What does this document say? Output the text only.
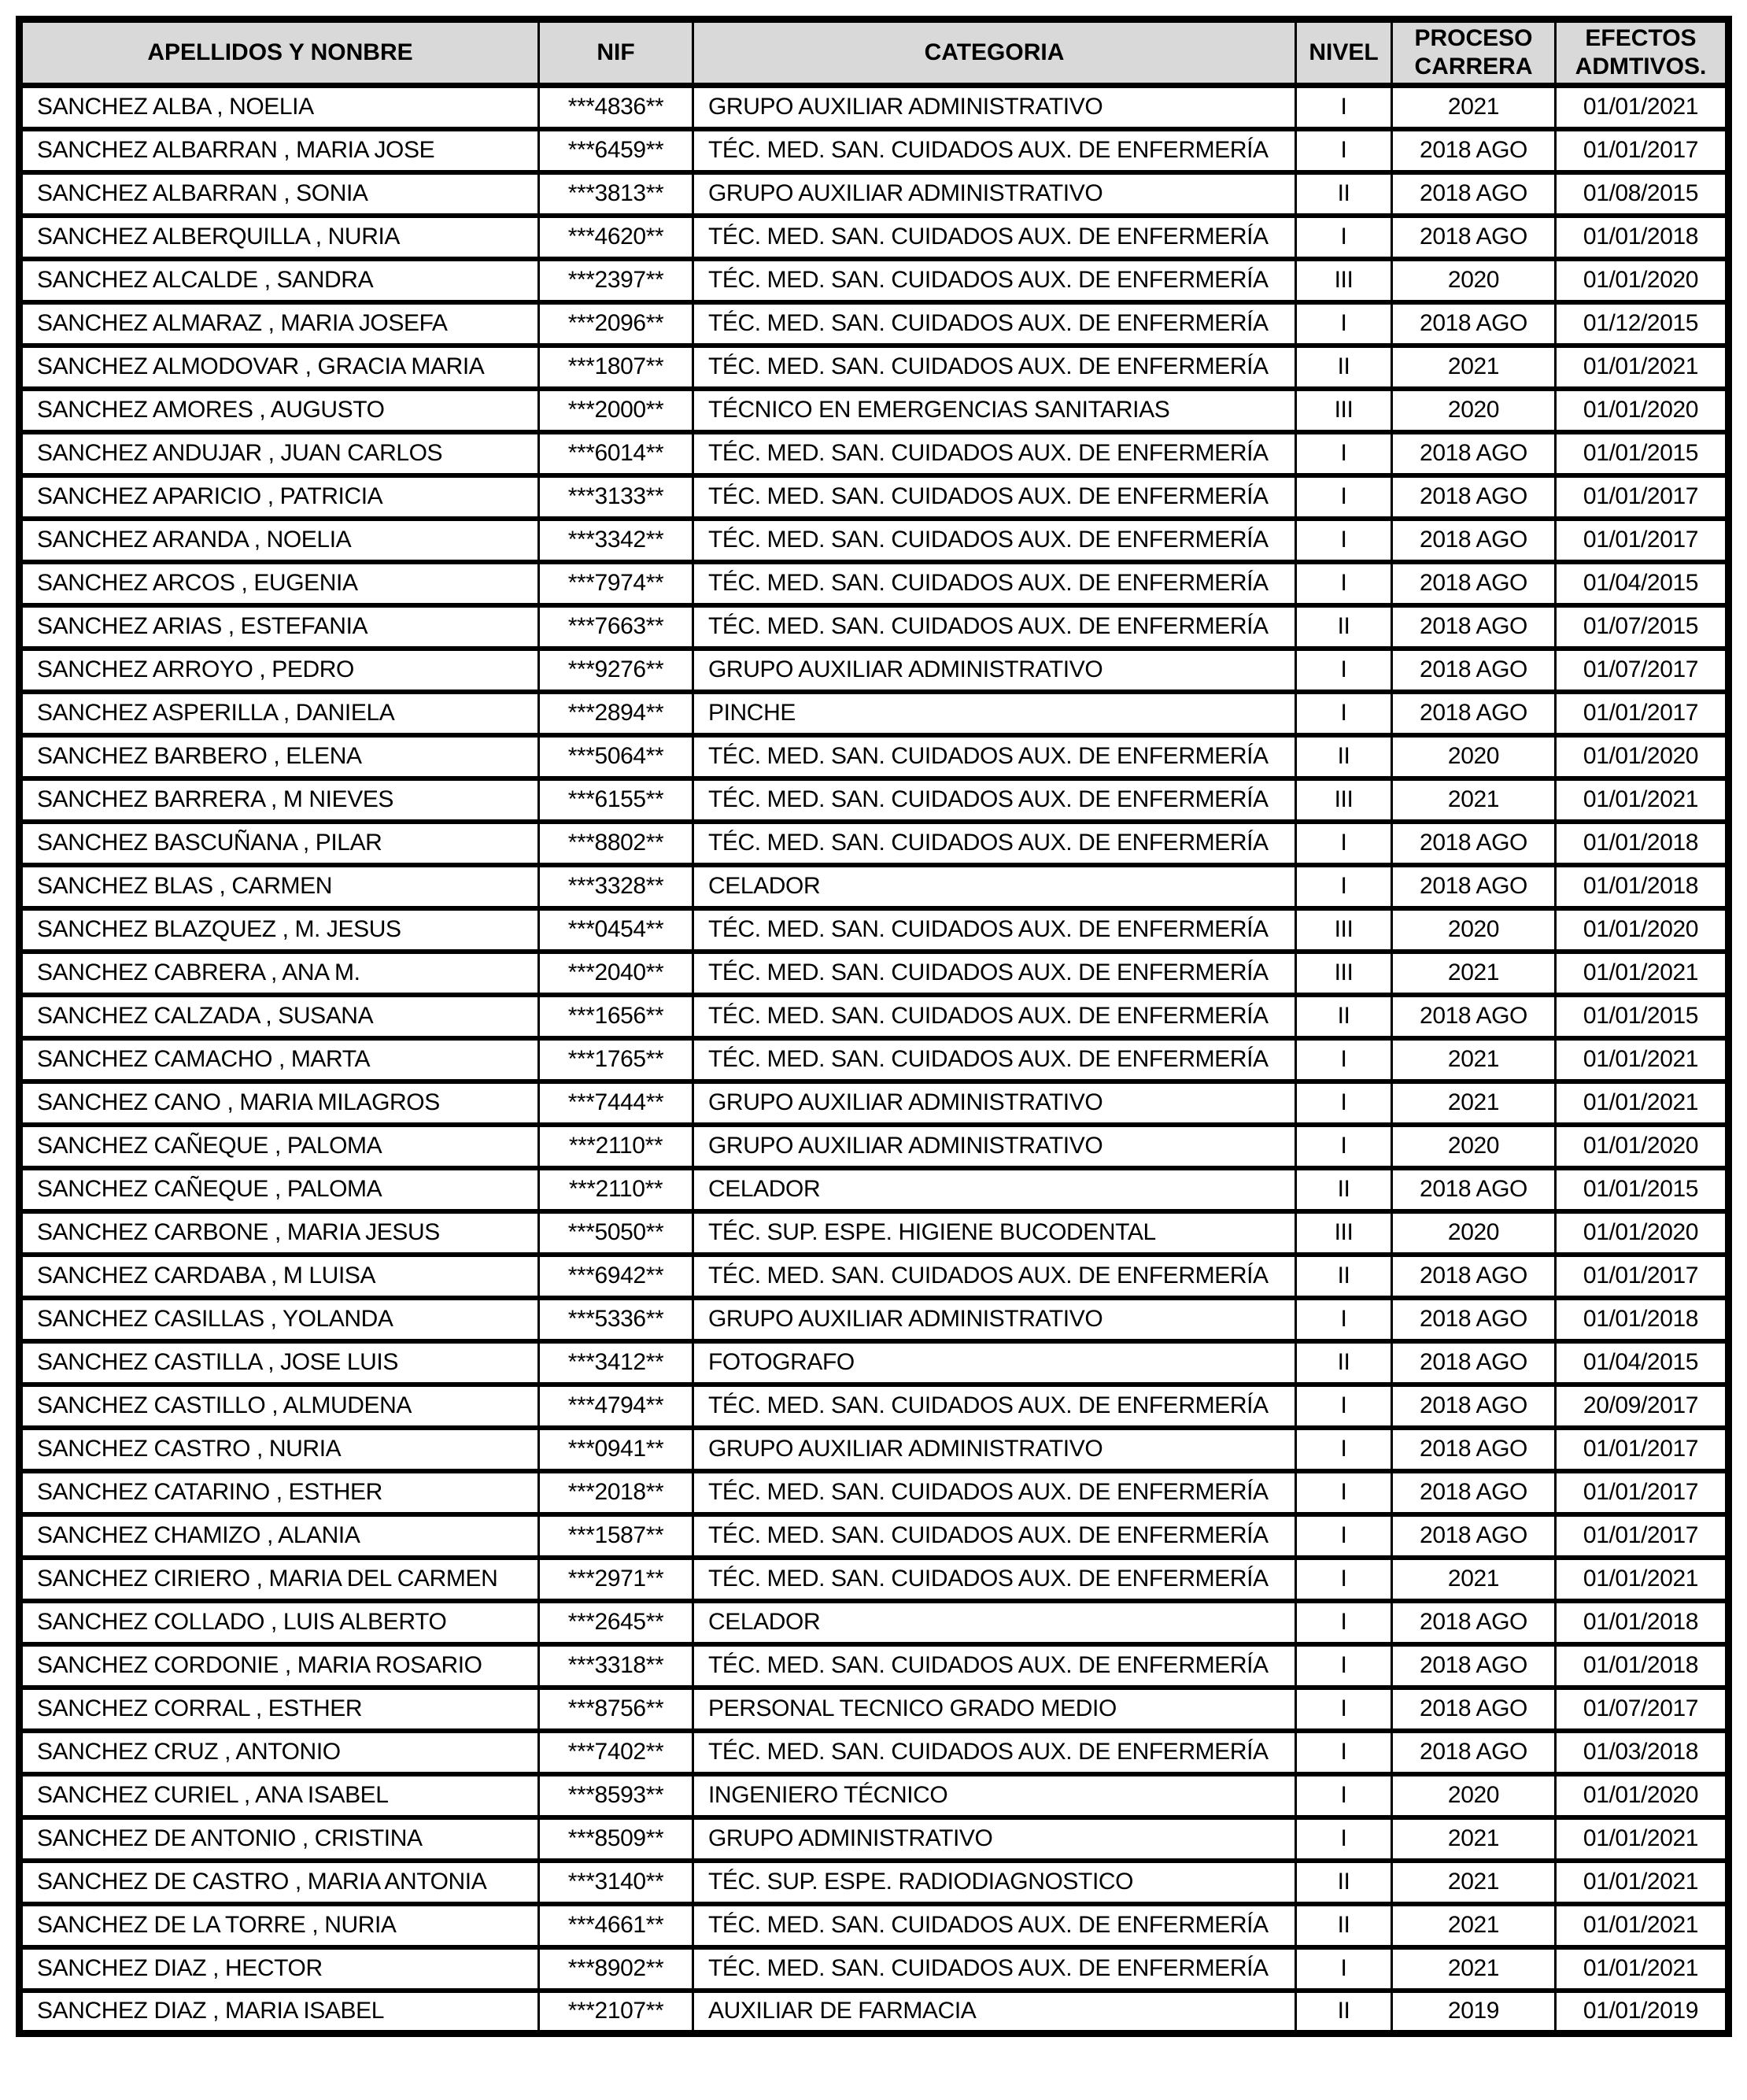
APELLIDOS Y NONBRE	NIF	CATEGORIA	NIVEL	PROCESO CARRERA	EFECTOS ADMTIVOS.
SANCHEZ ALBA , NOELIA	***4836**	GRUPO AUXILIAR ADMINISTRATIVO	I	2021	01/01/2021
SANCHEZ ALBARRAN , MARIA JOSE	***6459**	TÉC. MED. SAN. CUIDADOS AUX. DE ENFERMERÍA	I	2018 AGO	01/01/2017
SANCHEZ ALBARRAN , SONIA	***3813**	GRUPO AUXILIAR ADMINISTRATIVO	II	2018 AGO	01/08/2015
SANCHEZ ALBERQUILLA , NURIA	***4620**	TÉC. MED. SAN. CUIDADOS AUX. DE ENFERMERÍA	I	2018 AGO	01/01/2018
SANCHEZ ALCALDE , SANDRA	***2397**	TÉC. MED. SAN. CUIDADOS AUX. DE ENFERMERÍA	III	2020	01/01/2020
SANCHEZ ALMARAZ , MARIA JOSEFA	***2096**	TÉC. MED. SAN. CUIDADOS AUX. DE ENFERMERÍA	I	2018 AGO	01/12/2015
SANCHEZ ALMODOVAR , GRACIA MARIA	***1807**	TÉC. MED. SAN. CUIDADOS AUX. DE ENFERMERÍA	II	2021	01/01/2021
SANCHEZ AMORES , AUGUSTO	***2000**	TÉCNICO EN EMERGENCIAS SANITARIAS	III	2020	01/01/2020
SANCHEZ ANDUJAR , JUAN CARLOS	***6014**	TÉC. MED. SAN. CUIDADOS AUX. DE ENFERMERÍA	I	2018 AGO	01/01/2015
SANCHEZ APARICIO , PATRICIA	***3133**	TÉC. MED. SAN. CUIDADOS AUX. DE ENFERMERÍA	I	2018 AGO	01/01/2017
SANCHEZ ARANDA , NOELIA	***3342**	TÉC. MED. SAN. CUIDADOS AUX. DE ENFERMERÍA	I	2018 AGO	01/01/2017
SANCHEZ ARCOS , EUGENIA	***7974**	TÉC. MED. SAN. CUIDADOS AUX. DE ENFERMERÍA	I	2018 AGO	01/04/2015
SANCHEZ ARIAS , ESTEFANIA	***7663**	TÉC. MED. SAN. CUIDADOS AUX. DE ENFERMERÍA	II	2018 AGO	01/07/2015
SANCHEZ ARROYO , PEDRO	***9276**	GRUPO AUXILIAR ADMINISTRATIVO	I	2018 AGO	01/07/2017
SANCHEZ ASPERILLA , DANIELA	***2894**	PINCHE	I	2018 AGO	01/01/2017
SANCHEZ BARBERO , ELENA	***5064**	TÉC. MED. SAN. CUIDADOS AUX. DE ENFERMERÍA	II	2020	01/01/2020
SANCHEZ BARRERA , M NIEVES	***6155**	TÉC. MED. SAN. CUIDADOS AUX. DE ENFERMERÍA	III	2021	01/01/2021
SANCHEZ BASCUÑANA , PILAR	***8802**	TÉC. MED. SAN. CUIDADOS AUX. DE ENFERMERÍA	I	2018 AGO	01/01/2018
SANCHEZ BLAS , CARMEN	***3328**	CELADOR	I	2018 AGO	01/01/2018
SANCHEZ BLAZQUEZ , M. JESUS	***0454**	TÉC. MED. SAN. CUIDADOS AUX. DE ENFERMERÍA	III	2020	01/01/2020
SANCHEZ CABRERA , ANA M.	***2040**	TÉC. MED. SAN. CUIDADOS AUX. DE ENFERMERÍA	III	2021	01/01/2021
SANCHEZ CALZADA , SUSANA	***1656**	TÉC. MED. SAN. CUIDADOS AUX. DE ENFERMERÍA	II	2018 AGO	01/01/2015
SANCHEZ CAMACHO , MARTA	***1765**	TÉC. MED. SAN. CUIDADOS AUX. DE ENFERMERÍA	I	2021	01/01/2021
SANCHEZ CANO , MARIA MILAGROS	***7444**	GRUPO AUXILIAR ADMINISTRATIVO	I	2021	01/01/2021
SANCHEZ CAÑEQUE , PALOMA	***2110**	GRUPO AUXILIAR ADMINISTRATIVO	I	2020	01/01/2020
SANCHEZ CAÑEQUE , PALOMA	***2110**	CELADOR	II	2018 AGO	01/01/2015
SANCHEZ CARBONE , MARIA JESUS	***5050**	TÉC. SUP. ESPE. HIGIENE BUCODENTAL	III	2020	01/01/2020
SANCHEZ CARDABA , M LUISA	***6942**	TÉC. MED. SAN. CUIDADOS AUX. DE ENFERMERÍA	II	2018 AGO	01/01/2017
SANCHEZ CASILLAS , YOLANDA	***5336**	GRUPO AUXILIAR ADMINISTRATIVO	I	2018 AGO	01/01/2018
SANCHEZ CASTILLA , JOSE LUIS	***3412**	FOTOGRAFO	II	2018 AGO	01/04/2015
SANCHEZ CASTILLO , ALMUDENA	***4794**	TÉC. MED. SAN. CUIDADOS AUX. DE ENFERMERÍA	I	2018 AGO	20/09/2017
SANCHEZ CASTRO , NURIA	***0941**	GRUPO AUXILIAR ADMINISTRATIVO	I	2018 AGO	01/01/2017
SANCHEZ CATARINO , ESTHER	***2018**	TÉC. MED. SAN. CUIDADOS AUX. DE ENFERMERÍA	I	2018 AGO	01/01/2017
SANCHEZ CHAMIZO , ALANIA	***1587**	TÉC. MED. SAN. CUIDADOS AUX. DE ENFERMERÍA	I	2018 AGO	01/01/2017
SANCHEZ CIRIERO , MARIA DEL CARMEN	***2971**	TÉC. MED. SAN. CUIDADOS AUX. DE ENFERMERÍA	I	2021	01/01/2021
SANCHEZ COLLADO , LUIS ALBERTO	***2645**	CELADOR	I	2018 AGO	01/01/2018
SANCHEZ CORDONIE , MARIA ROSARIO	***3318**	TÉC. MED. SAN. CUIDADOS AUX. DE ENFERMERÍA	I	2018 AGO	01/01/2018
SANCHEZ CORRAL , ESTHER	***8756**	PERSONAL TECNICO GRADO MEDIO	I	2018 AGO	01/07/2017
SANCHEZ CRUZ , ANTONIO	***7402**	TÉC. MED. SAN. CUIDADOS AUX. DE ENFERMERÍA	I	2018 AGO	01/03/2018
SANCHEZ CURIEL , ANA ISABEL	***8593**	INGENIERO TÉCNICO	I	2020	01/01/2020
SANCHEZ DE ANTONIO , CRISTINA	***8509**	GRUPO ADMINISTRATIVO	I	2021	01/01/2021
SANCHEZ DE CASTRO , MARIA ANTONIA	***3140**	TÉC. SUP. ESPE. RADIODIAGNOSTICO	II	2021	01/01/2021
SANCHEZ DE LA TORRE , NURIA	***4661**	TÉC. MED. SAN. CUIDADOS AUX. DE ENFERMERÍA	II	2021	01/01/2021
SANCHEZ DIAZ , HECTOR	***8902**	TÉC. MED. SAN. CUIDADOS AUX. DE ENFERMERÍA	I	2021	01/01/2021
SANCHEZ DIAZ , MARIA ISABEL	***2107**	AUXILIAR DE FARMACIA	II	2019	01/01/2019
